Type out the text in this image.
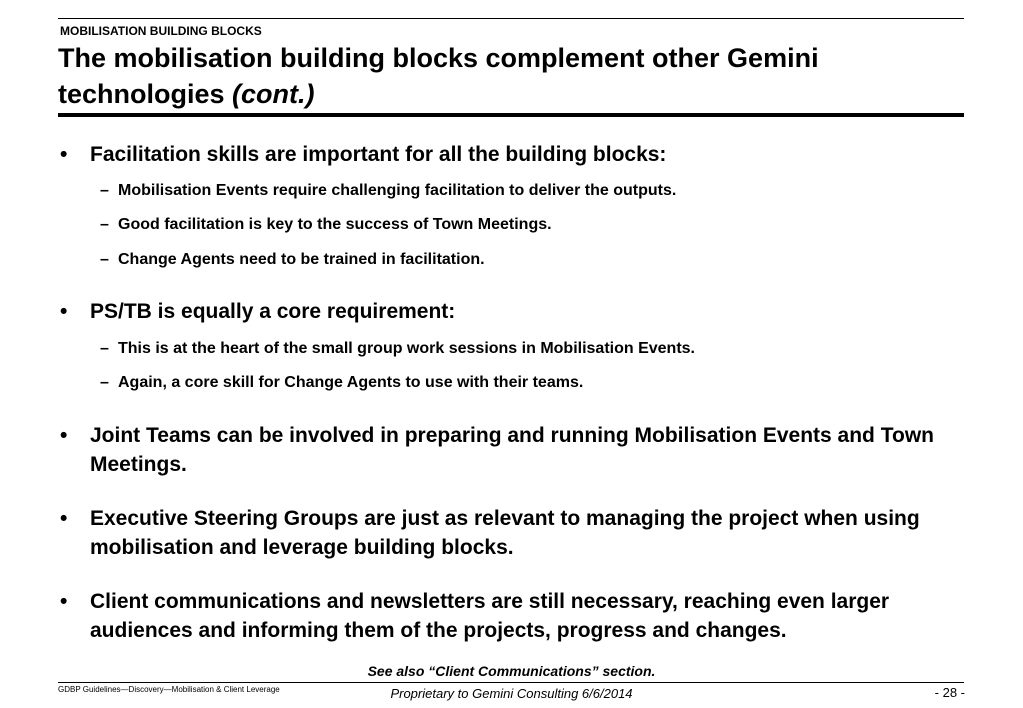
MOBILISATION BUILDING BLOCKS
The mobilisation building blocks complement other Gemini technologies (cont.)
• Facilitation skills are important for all the building blocks:
– Mobilisation Events require challenging facilitation to deliver the outputs.
– Good facilitation is key to the success of Town Meetings.
– Change Agents need to be trained in facilitation.
• PS/TB is equally a core requirement:
– This is at the heart of the small group work sessions in Mobilisation Events.
– Again, a core skill for Change Agents to use with their teams.
• Joint Teams can be involved in preparing and running Mobilisation Events and Town Meetings.
• Executive Steering Groups are just as relevant to managing the project when using mobilisation and leverage building blocks.
• Client communications and newsletters are still necessary, reaching even larger audiences and informing them of the projects, progress and changes.
See also “Client Communications” section.
GDBP Guidelines—Discovery—Mobilisation & Client Leverage	Proprietary to Gemini Consulting 6/6/2014	- 28 -
